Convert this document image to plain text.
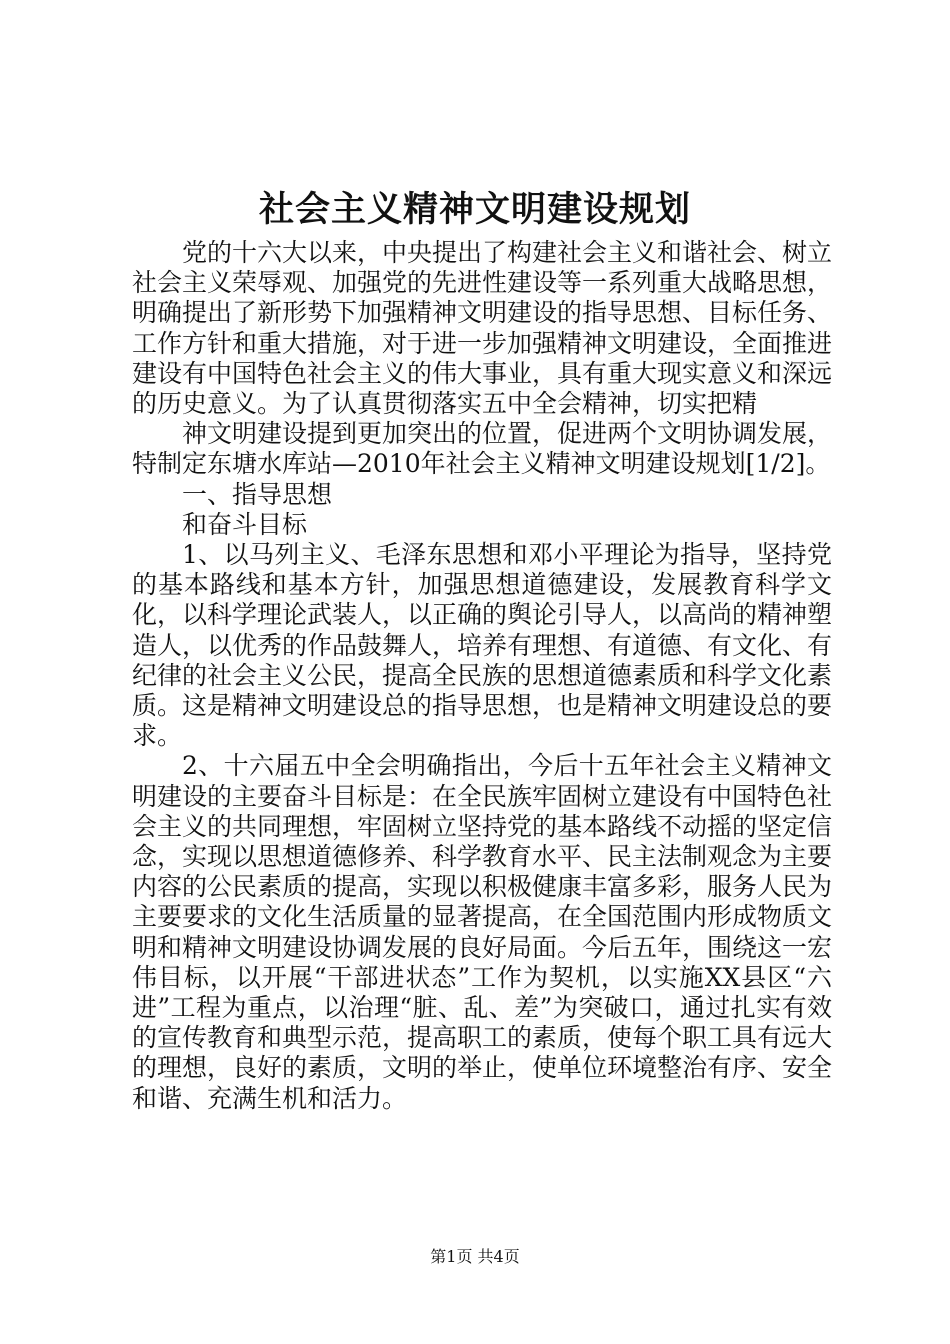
社会主义精神文明建设规划

党的十六大以来，中央提出了构建社会主义和谐社会、树立社会主义荣辱观、加强党的先进性建设等一系列重大战略思想，明确提出了新形势下加强精神文明建设的指导思想、目标任务、工作方针和重大措施，对于进一步加强精神文明建设，全面推进建设有中国特色社会主义的伟大事业，具有重大现实意义和深远的历史意义。为了认真贯彻落实五中全会精神，切实把精

神文明建设提到更加突出的位置，促进两个文明协调发展，特制定东塘水库站—2010年社会主义精神文明建设规划[1/2]。

一、指导思想

和奋斗目标

1、以马列主义、毛泽东思想和邓小平理论为指导，坚持党的基本路线和基本方针，加强思想道德建设，发展教育科学文化，以科学理论武装人，以正确的舆论引导人，以高尚的精神塑造人，以优秀的作品鼓舞人，培养有理想、有道德、有文化、有纪律的社会主义公民，提高全民族的思想道德素质和科学文化素质。这是精神文明建设总的指导思想，也是精神文明建设总的要求。

2、十六届五中全会明确指出，今后十五年社会主义精神文明建设的主要奋斗目标是：在全民族牢固树立建设有中国特色社会主义的共同理想，牢固树立坚持党的基本路线不动摇的坚定信念，实现以思想道德修养、科学教育水平、民主法制观念为主要内容的公民素质的提高，实现以积极健康丰富多彩，服务人民为主要要求的文化生活质量的显著提高，在全国范围内形成物质文明和精神文明建设协调发展的良好局面。今后五年，围绕这一宏伟目标，以开展“干部进状态”工作为契机，以实施XX县区“六进”工程为重点，以治理“脏、乱、差”为突破口，通过扎实有效的宣传教育和典型示范，提高职工的素质，使每个职工具有远大的理想，良好的素质，文明的举止，使单位环境整治有序、安全和谐、充满生机和活力。

第1页 共4页
